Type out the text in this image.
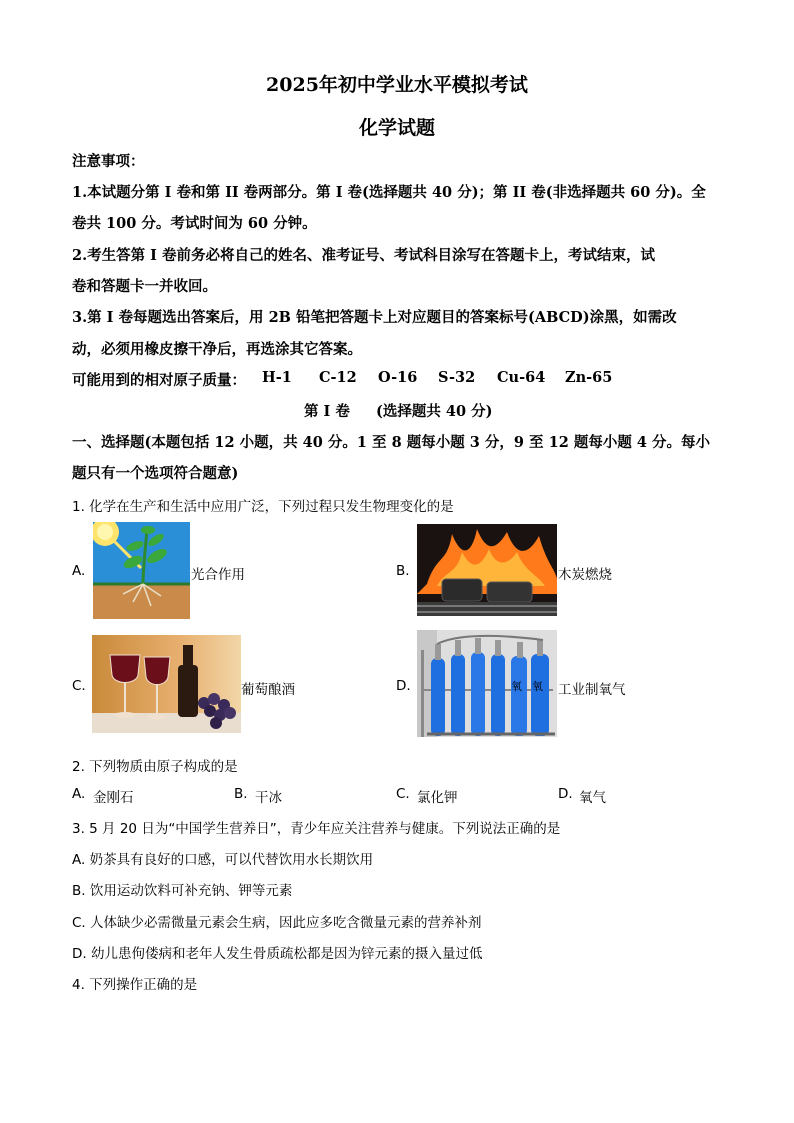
2025年初中学业水平模拟考试
化学试题
注意事项：
1.本试题分第 I 卷和第 II 卷两部分。第 I 卷(选择题共 40 分)；第 II 卷(非选择题共 60 分)。全
卷共 100 分。考试时间为 60 分钟。
2.考生答第 I 卷前务必将自己的姓名、准考证号、考试科目涂写在答题卡上，考试结束，试
卷和答题卡一并收回。
3.第 I 卷每题选出答案后，用 2B 铅笔把答题卡上对应题目的答案标号(ABCD)涂黑，如需改
动，必须用橡皮擦干净后，再选涂其它答案。
可能用到的相对原子质量： H-1 C-12 O-16 S-32 Cu-64 Zn-65
第 I 卷 (选择题共 40 分)
一、选择题(本题包括 12 小题，共 40 分。1 至 8 题每小题 3 分，9 至 12 题每小题 4 分。每小
题只有一个选项符合题意)
1. 化学在生产和生活中应用广泛，下列过程只发生物理变化的是
A.	光合作用	B.	木炭燃烧
C.	葡萄酿酒	D.	氧 氧 工业制氧气
2. 下列物质由原子构成的是
A. 金刚石	B. 干冰	C. 氯化钾	D. 氧气
3. 5 月 20 日为“中国学生营养日”，青少年应关注营养与健康。下列说法正确的是
A. 奶茶具有良好的口感，可以代替饮用水长期饮用
B. 饮用运动饮料可补充钠、钾等元素
C. 人体缺少必需微量元素会生病，因此应多吃含微量元素的营养补剂
D. 幼儿患佝偻病和老年人发生骨质疏松都是因为锌元素的摄入量过低
4. 下列操作正确的是
